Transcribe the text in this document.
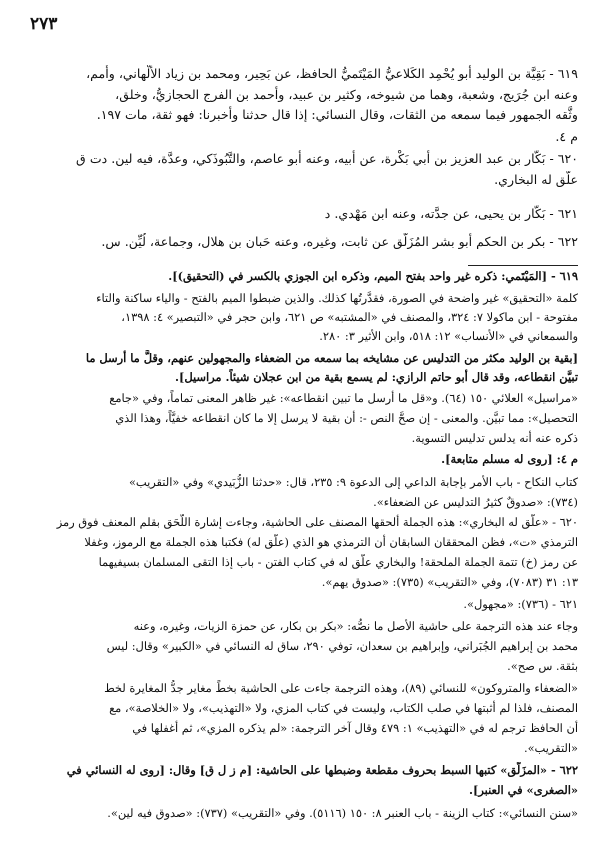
٢٧٣
٦١٩ - بَقِيَّة بن الوليد أبو يُحْمِد الكَلاعيُّ المَيْتَميُّ الحافظ، عن بَحِير، ومحمد بن زياد الألْهاني، وأُمم،
وعنه ابن جُرَيج، وشعبة، وهما من شيوخه، وكثير بن عبيد، وأحمد بن الفرج الحجازيُّ، وخلق،
وثَّقه الجمهور فيما سمعه من الثقات، وقال النسائي: إذا قال حدثنا وأخبرنا: فهو ثقة، مات ١٩٧.
م ٤.
٦٢٠ - بَكَّار بن عبد العزيز بن أبي بَكْرة، عن أبيه، وعنه أبو عاصم، والتَّبُوذَكي، وعدَّة، فيه لين. دت ق
علَّق له البخاري.
٦٢١ - بَكَّار بن يحيى، عن جدَّته، وعنه ابن مَهْدي. د
٦٢٢ - بكر بن الحكم أبو بشر المُزَلَّق عن ثابت، وغيره، وعنه حَبان بن هلال، وجماعة، لُيِّن. س.
٦١٩ - [المَيْتَمي: ذكره غير واحد بفتح الميم، وذكره ابن الجوزي بالكسر في (التحقيق)].
كلمة «التحقيق» غير واضحة في الصورة، فقدَّرتُها كذلك. والذين ضبطوا الميم بالفتح - والياء ساكنة والتاء
مفتوحة - ابن ماكولا ٧: ٣٢٤، والمصنف في «المشتبه» ص ٦٢١، وابن حجر في «التبصير» ٤: ١٣٩٨،
والسمعاني في «الأنساب» ١٢: ٥١٨، وابن الأثير ٣: ٢٨٠.
[بقية بن الوليد مكثر من التدليس عن مشايخه بما سمعه من الضعفاء والمجهولين عنهم، وقلَّ ما أرسل ما
تبيَّن انقطاعه، وقد قال أبو حاتم الرازي: لم يسمع بقية من ابن عجلان شيئاً. مراسيل].
«مراسيل» العلائي ١٥٠ (٦٤). و«قل ما أرسل ما تبين انقطاعه»: غير ظاهر المعنى تماماً، وفي «جامع
التحصيل»: مما تبيَّن. والمعنى - إن صحَّ النص -: أن بقية لا يرسل إلا ما كان انقطاعه خفيَّاً، وهذا الذي
ذكره عنه أنه يدلس تدليس التسوية.
م ٤: [روى له مسلم متابعة].
كتاب النكاح - باب الأمر بإجابة الداعي إلى الدعوة ٩: ٢٣٥، قال: «حدثنا الزُّبَيدي» وفي «التقريب»
(٧٣٤): «صدوقٌ كثيرُ التدليس عن الضعفاء».
٦٢٠ - «علَّق له البخاري»: هذه الجملة ألحقها المصنف على الحاشية، وجاءت إشارة اللَّحَق بقلم المعنف فوق رمز
الترمذي «ت»، فظن المحققان السابقان أن الترمذي هو الذي (علَّق له) فكتبا هذه الجملة مع الرموز، وغفلا
عن رمز (خ) تتمة الجملة الملحقة! والبخاري علَّق له في كتاب الفتن - باب إذا التقى المسلمان بسيفيهما
١٣: ٣١ (٧٠٨٣)، وفي «التقريب» (٧٣٥): «صدوق يهم».
٦٢١ - (٧٣٦): «مجهول».
وجاء عند هذه الترجمة على حاشية الأصل ما نصُّه: «بكر بن بكار، عن حمزة الزيات، وغيره، وعنه
محمد بن إبراهيم الجُبَراني، وإبراهيم بن سعدان، توفي ٢٩٠، ساق له النسائي في «الكبير» وقال: ليس
بثقة. س صح».
«الضعفاء والمتروكون» للنسائي (٨٩)، وهذه الترجمة جاءت على الحاشية بخطٍّ مغاير جدُّ المغايرة لخط
المصنف، فلذا لم أثبتها في صلب الكتاب، وليست في كتاب المزي، ولا «التهذيب»، ولا «الخلاصة»، مع
أن الحافظ ترجم له في «التهذيب» ١: ٤٧٩ وقال آخر الترجمة: «لم يذكره المزي»، ثم أغفلها في
«التقريب».
٦٢٢ - «المزَلَّق» كتبها السبط بحروف مقطعة وضبطها على الحاشية: [م ز ل ق] وقال: [روى له النسائي في
«الصغرى» في العنبر].
«سنن النسائي»: كتاب الزينة - باب العنبر ٨: ١٥٠ (٥١١٦). وفي «التقريب» (٧٣٧): «صدوق فيه لين».
